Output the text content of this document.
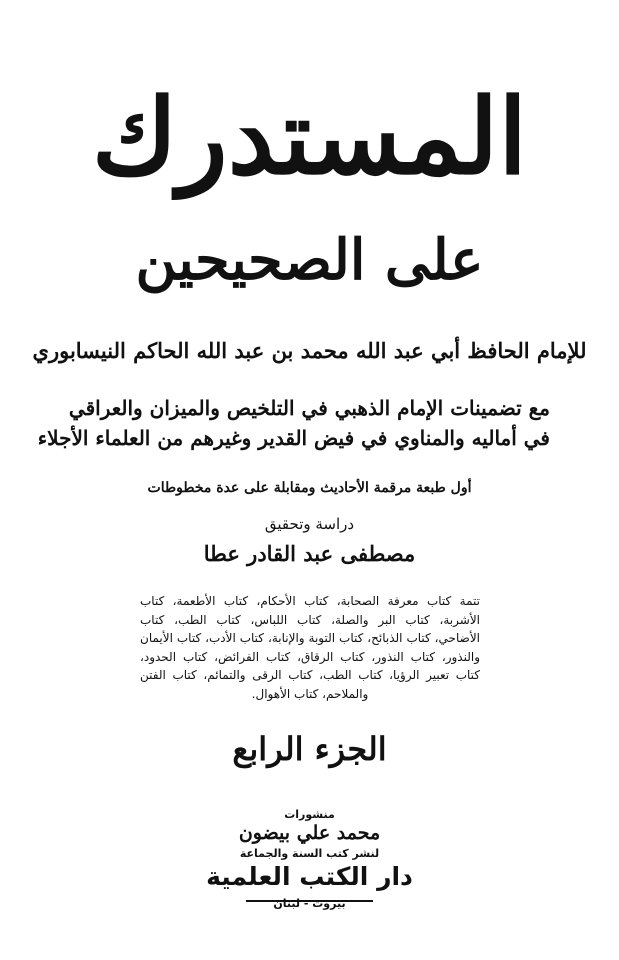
المستدرك
على الصحيحين
للإمام الحافظ أبي عبد الله محمد بن عبد الله الحاكم النيسابوري
مع تضمينات الإمام الذهبي في التلخيص والميزان والعراقي
في أماليه والمناوي في فيض القدير وغيرهم من العلماء الأجلاء
أول طبعة مرقمة الأحاديث ومقابلة على عدة مخطوطات
دراسة وتحقيق
مصطفى عبد القادر عطا
تتمة كتاب معرفة الصحابة، كتاب الأحكام، كتاب الأطعمة، كتاب الأشربة، كتاب البر والصلة، كتاب اللباس، كتاب الطب، كتاب الأضاحي، كتاب الذبائح، كتاب التوبة والإنابة، كتاب الأدب، كتاب الأيمان والنذور، كتاب النذور، كتاب الرقاق، كتاب الفرائض، كتاب الحدود، كتاب تعبير الرؤيا، كتاب الطب، كتاب الرقى والتمائم، كتاب الفتن والملاحم، كتاب الأهوال.
الجزء الرابع
منشورات
محمد علي بيضون
لنشر كتب السنة والجماعة
دار الكتب العلمية
بيروت - لبنان
